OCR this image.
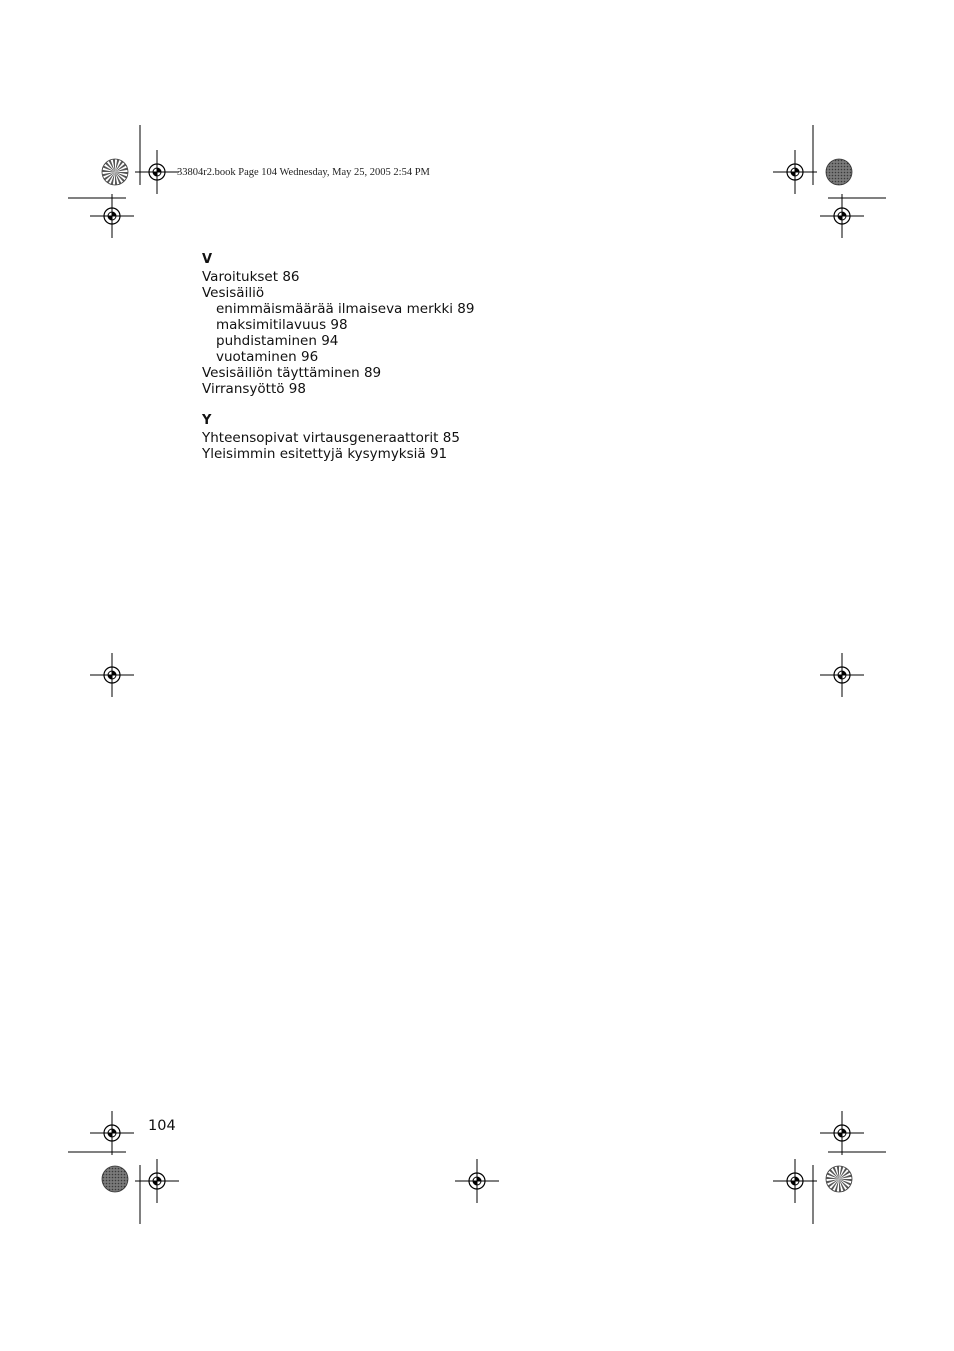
33804r2.book Page 104 Wednesday, May 25, 2005 2:54 PM
V
Varoitukset 86
Vesisäiliö
enimmäismäärää ilmaiseva merkki 89
maksimitilavuus 98
puhdistaminen 94
vuotaminen 96
Vesisäiliön täyttäminen 89
Virransyöttö 98
Y
Yhteensopivat virtausgeneraattorit 85
Yleisimmin esitettyjä kysymyksiä 91
104
